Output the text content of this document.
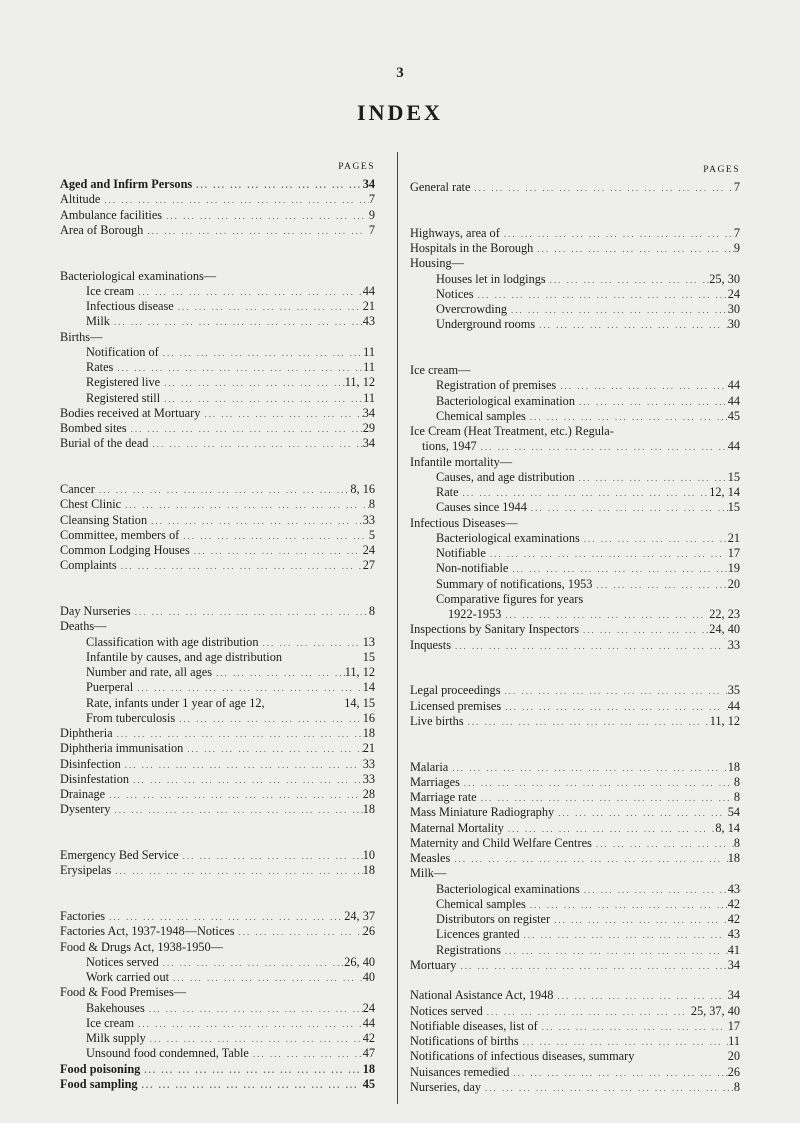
3
INDEX
PAGES
Aged and Infirm Persons ... .	34
Altitude ... .	7
Ambulance facilities ... .	9
Area of Borough ... .	7
Bacteriological examinations—
Ice cream ... .	44
Infectious disease ... .	21
Milk ... .	43
Births—
Notification of ... .	11
Rates ... .	11
Registered live ... .	11, 12
Registered still ... .	11
Bodies received at Mortuary ... .	34
Bombed sites ... .	29
Burial of the dead ... .	34
Cancer ... .	8, 16
Chest Clinic ... .	8
Cleansing Station ... .	33
Committee, members of ... .	5
Common Lodging Houses ... .	24
Complaints ... .	27
Day Nurseries ... .	8
Deaths—
Classification with age distribution ... .	13
Infantile by causes, and age distribution	15
Number and rate, all ages ... .	11, 12
Puerperal ... .	14
Rate, infants under 1 year of age 12,	14, 15
From tuberculosis ... .	16
Diphtheria ... .	18
Diphtheria immunisation ... .	21
Disinfection ... .	33
Disinfestation ... .	33
Drainage ... .	28
Dysentery ... .	18
Emergency Bed Service ... .	10
Erysipelas ... .	18
Factories ... .	24, 37
Factories Act, 1937-1948—Notices ... .	26
Food & Drugs Act, 1938-1950—
Notices served ... .	26, 40
Work carried out ... .	40
Food & Food Premises—
Bakehouses ... .	24
Ice cream ... .	44
Milk supply ... .	42
Unsound food condemned, Table ... .	47
Food poisoning ... .	18
Food sampling ... .	45
PAGES
General rate ... .	7
Highways, area of ... .	7
Hospitals in the Borough ... .	9
Housing—
Houses let in lodgings ... .	25, 30
Notices ... .	24
Overcrowding ... .	30
Underground rooms ... .	30
Ice cream—
Registration of premises ... .	44
Bacteriological examination ... .	44
Chemical samples ... .	45
Ice Cream (Heat Treatment, etc.) Regula-
tions, 1947 ... .	44
Infantile mortality—
Causes, and age distribution ... .	15
Rate ... .	12, 14
Causes since 1944 ... .	15
Infectious Diseases—
Bacteriological examinations ... .	21
Notifiable ... .	17
Non-notifiable ... .	19
Summary of notifications, 1953 ... .	20
Comparative figures for years
1922-1953 ... .	22, 23
Inspections by Sanitary Inspectors ... .	24, 40
Inquests ... .	33
Legal proceedings ... .	35
Licensed premises ... .	44
Live births ... .	11, 12
Malaria ... .	18
Marriages ... .	8
Marriage rate ... .	8
Mass Miniature Radiography ... .	54
Maternal Mortality ... .	8, 14
Maternity and Child Welfare Centres ... .	8
Measles ... .	18
Milk—
Bacteriological examinations ... .	43
Chemical samples ... .	42
Distributors on register ... .	42
Licences granted ... .	43
Registrations ... .	41
Mortuary ... .	34
National Asistance Act, 1948 ... .	34
Notices served ... .	25, 37, 40
Notifiable diseases, list of ... .	17
Notifications of births ... .	11
Notifications of infectious diseases, summary	20
Nuisances remedied ... .	26
Nurseries, day ... .	8
